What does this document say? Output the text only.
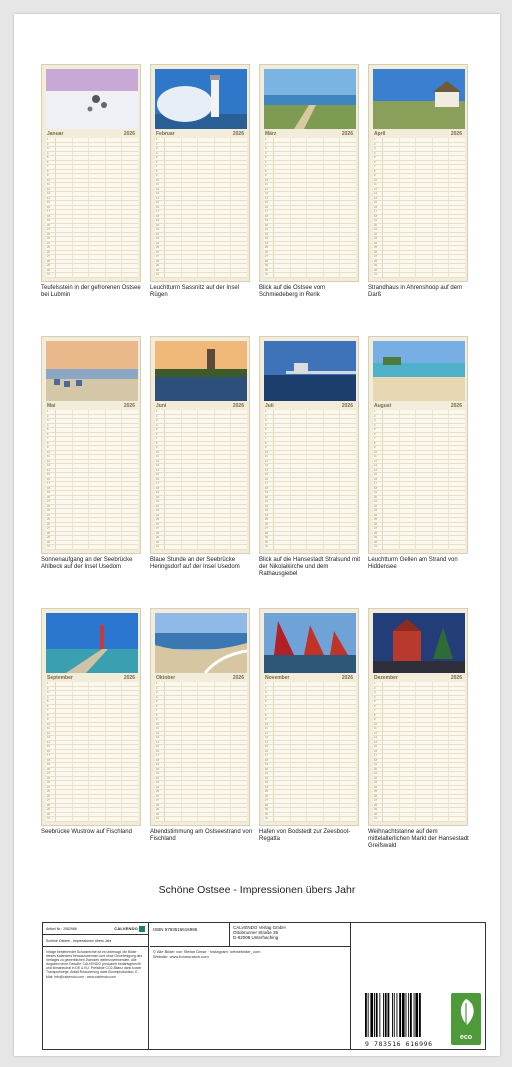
Januar	2026
1
2
3
4
5
6
7
8
9
10
11
12
13
14
15
16
17
18
19
20
21
22
23
24
25
26
27
28
29
30
31
Teufelsstein in der gefrorenen Ostsee bei Lubmin
Februar	2026
1
2
3
4
5
6
7
8
9
10
11
12
13
14
15
16
17
18
19
20
21
22
23
24
25
26
27
28
29
30
31
Leuchtturm Sassnitz auf der Insel Rügen
März	2026
1
2
3
4
5
6
7
8
9
10
11
12
13
14
15
16
17
18
19
20
21
22
23
24
25
26
27
28
29
30
31
Blick auf die Ostsee vom Schmiedeberg in Rerik
April	2026
1
2
3
4
5
6
7
8
9
10
11
12
13
14
15
16
17
18
19
20
21
22
23
24
25
26
27
28
29
30
31
Strandhaus in Ahrenshoop auf dem Darß
Mai	2026
1
2
3
4
5
6
7
8
9
10
11
12
13
14
15
16
17
18
19
20
21
22
23
24
25
26
27
28
29
30
31
Sonnenaufgang an der Seebrücke Ahlbeck auf der Insel Usedom
Juni	2026
1
2
3
4
5
6
7
8
9
10
11
12
13
14
15
16
17
18
19
20
21
22
23
24
25
26
27
28
29
30
31
Blaue Stunde an der Seebrücke Heringsdorf auf der Insel Usedom
Juli	2026
1
2
3
4
5
6
7
8
9
10
11
12
13
14
15
16
17
18
19
20
21
22
23
24
25
26
27
28
29
30
31
Blick auf die Hansestadt Stralsund mit der Nikolaikirche und dem Rathausgiebel
August	2026
1
2
3
4
5
6
7
8
9
10
11
12
13
14
15
16
17
18
19
20
21
22
23
24
25
26
27
28
29
30
31
Leuchtturm Gellen am Strand von Hiddensee
September	2026
1
2
3
4
5
6
7
8
9
10
11
12
13
14
15
16
17
18
19
20
21
22
23
24
25
26
27
28
29
30
31
Seebrücke Wustrow auf Fischland
Oktober	2026
1
2
3
4
5
6
7
8
9
10
11
12
13
14
15
16
17
18
19
20
21
22
23
24
25
26
27
28
29
30
31
Abendstimmung am Ostseestrand von Fischland
November	2026
1
2
3
4
5
6
7
8
9
10
11
12
13
14
15
16
17
18
19
20
21
22
23
24
25
26
27
28
29
30
31
Hafen von Bodstedt zur Zeesboot-Regatta
Dezember	2026
1
2
3
4
5
6
7
8
9
10
11
12
13
14
15
16
17
18
19
20
21
22
23
24
25
26
27
28
29
30
31
Weihnachtstanne auf dem mittelalterlichen Markt der Hansestadt Greifswald
Schöne Ostsee - Impressionen übers Jahr
Artikel Nr.: 2082966	CALVENDO
Schöne Ostsee - Impressionen übers Jahr
Infolge bestehender Schutzrechte ist es untersagt, die Bilder dieses Kalenders herauszutrennen und ohne Genehmigung des Verlages zu gewerblichen Zwecken weiterzuverwenden. Alle Angaben ohne Gewähr. CALVENDO produziert bedarfsgerecht und klimaneutral in DE & EU. Preisliste CO2-Bilanz dank kurzer Transportwege. Abfall-Reduzierung dank Einzelproduktion. E-Mail: info@calvendo.com · www.calvendo.com
ISBN 9783516616996	CALVENDO Verlag GmbH
Ottobrunner Straße 39
D-82008 Unterhaching
© Alle Bilder von Stefan Dinse · Instagram: oebsebilder_com
Website: www.fotoeurasch.com
9 783516 616996
eco
